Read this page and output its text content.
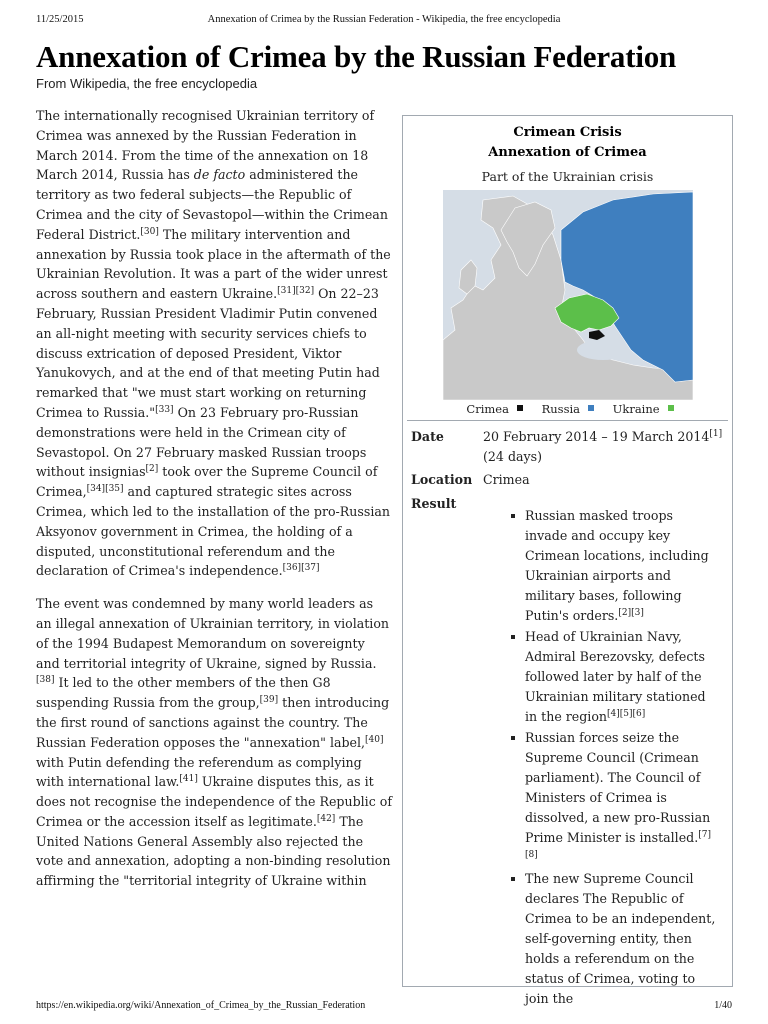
11/25/2015	Annexation of Crimea by the Russian Federation - Wikipedia, the free encyclopedia
Annexation of Crimea by the Russian Federation
From Wikipedia, the free encyclopedia

The internationally recognised Ukrainian territory of Crimea was annexed by the Russian Federation in March 2014. From the time of the annexation on 18 March 2014, Russia has de facto administered the territory as two federal subjects—the Republic of Crimea and the city of Sevastopol—within the Crimean Federal District.[30] The military intervention and annexation by Russia took place in the aftermath of the Ukrainian Revolution. It was a part of the wider unrest across southern and eastern Ukraine.[31][32] On 22–23 February, Russian President Vladimir Putin convened an all-night meeting with security services chiefs to discuss extrication of deposed President, Viktor Yanukovych, and at the end of that meeting Putin had remarked that "we must start working on returning Crimea to Russia."[33] On 23 February pro-Russian demonstrations were held in the Crimean city of Sevastopol. On 27 February masked Russian troops without insignias[2] took over the Supreme Council of Crimea,[34][35] and captured strategic sites across Crimea, which led to the installation of the pro-Russian Aksyonov government in Crimea, the holding of a disputed, unconstitutional referendum and the declaration of Crimea's independence.[36][37]

The event was condemned by many world leaders as an illegal annexation of Ukrainian territory, in violation of the 1994 Budapest Memorandum on sovereignty and territorial integrity of Ukraine, signed by Russia.[38] It led to the other members of the then G8 suspending Russia from the group,[39] then introducing the first round of sanctions against the country. The Russian Federation opposes the "annexation" label,[40] with Putin defending the referendum as complying with international law.[41] Ukraine disputes this, as it does not recognise the independence of the Republic of Crimea or the accession itself as legitimate.[42] The United Nations General Assembly also rejected the vote and annexation, adopting a non-binding resolution affirming the "territorial integrity of Ukraine within

Crimean Crisis
Annexation of Crimea
Part of the Ukrainian crisis
Crimea	Russia	Ukraine
Date	20 February 2014 – 19 March 2014[1]
(24 days)
Location Crimea
Result
Russian masked troops invade and occupy key Crimean locations, including Ukrainian airports and military bases, following Putin's orders.[2][3]
Head of Ukrainian Navy, Admiral Berezovsky, defects followed later by half of the Ukrainian military stationed in the region[4][5][6]
Russian forces seize the Supreme Council (Crimean parliament). The Council of Ministers of Crimea is dissolved, a new pro-Russian Prime Minister is installed.[7][8]
The new Supreme Council declares The Republic of Crimea to be an independent, self-governing entity, then holds a referendum on the status of Crimea, voting to join the
https://en.wikipedia.org/wiki/Annexation_of_Crimea_by_the_Russian_Federation	1/40
